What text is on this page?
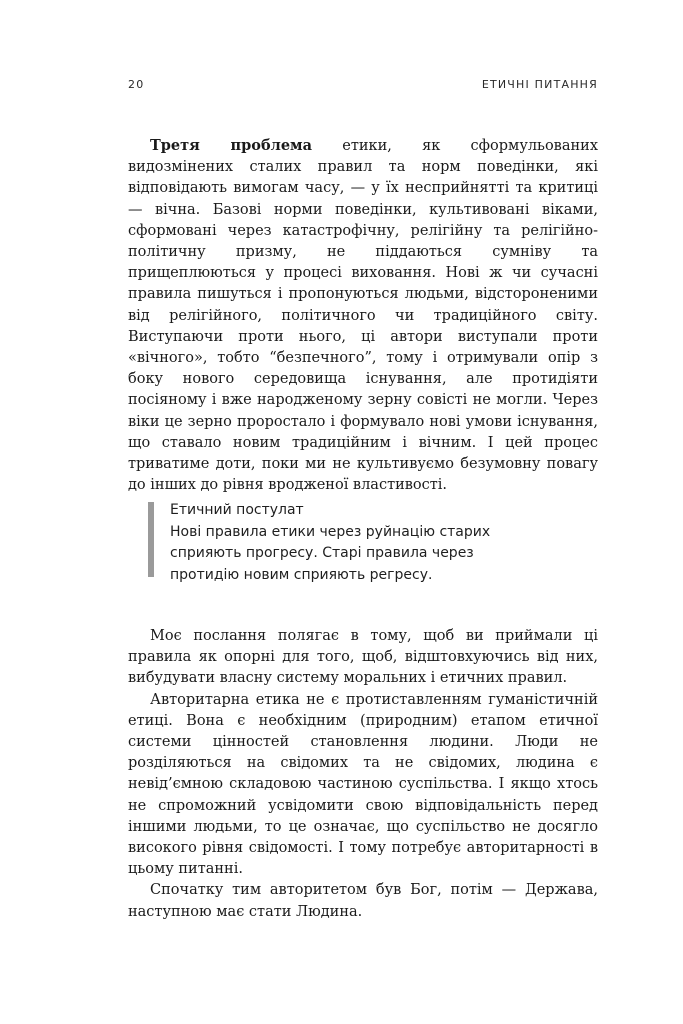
20	ЕТИЧНІ ПИТАННЯ

Третя проблема етики, як сформульованих видозмінених сталих правил та норм поведінки, які відповідають вимогам часу, — у їх несприйнятті та критиці — вічна. Базові норми поведінки, культивовані віками, сформовані через катастрофічну, релігійну та релігійно-політичну призму, не піддаються сумніву та прищеплюються у процесі виховання. Нові ж чи сучасні правила пишуться і пропонуються людьми, відстороненими від релігійного, політичного чи традиційного світу. Виступаючи проти нього, ці автори виступали проти «вічного», тобто “безпечного”, тому і отримували опір з боку нового середовища існування, але протидіяти посіяному і вже народженому зерну совісті не могли. Через віки це зерно проростало і формувало нові умови існування, що ставало новим традиційним і вічним. І цей процес триватиме доти, поки ми не культивуємо безумовну повагу до інших до рівня вродженої властивості.

Етичний постулат
Нові правила етики через руйнацію старих
сприяють прогресу. Старі правила через
протидію новим сприяють регресу.

Моє послання полягає в тому, щоб ви приймали ці правила як опорні для того, щоб, відштовхуючись від них, вибудувати власну систему моральних і етичних правил.

Авторитарна етика не є протиставленням гуманістичній етиці. Вона є необхідним (природним) етапом етичної системи цінностей становлення людини. Люди не розділяються на свідомих та не свідомих, людина є невід’ємною складовою частиною суспільства. І якщо хтось не спроможний усвідомити свою відповідальність перед іншими людьми, то це означає, що суспільство не досягло високого рівня свідомості. І тому потребує авторитарності в цьому питанні.

Спочатку тим авторитетом був Бог, потім — Держава, наступною має стати Людина.
